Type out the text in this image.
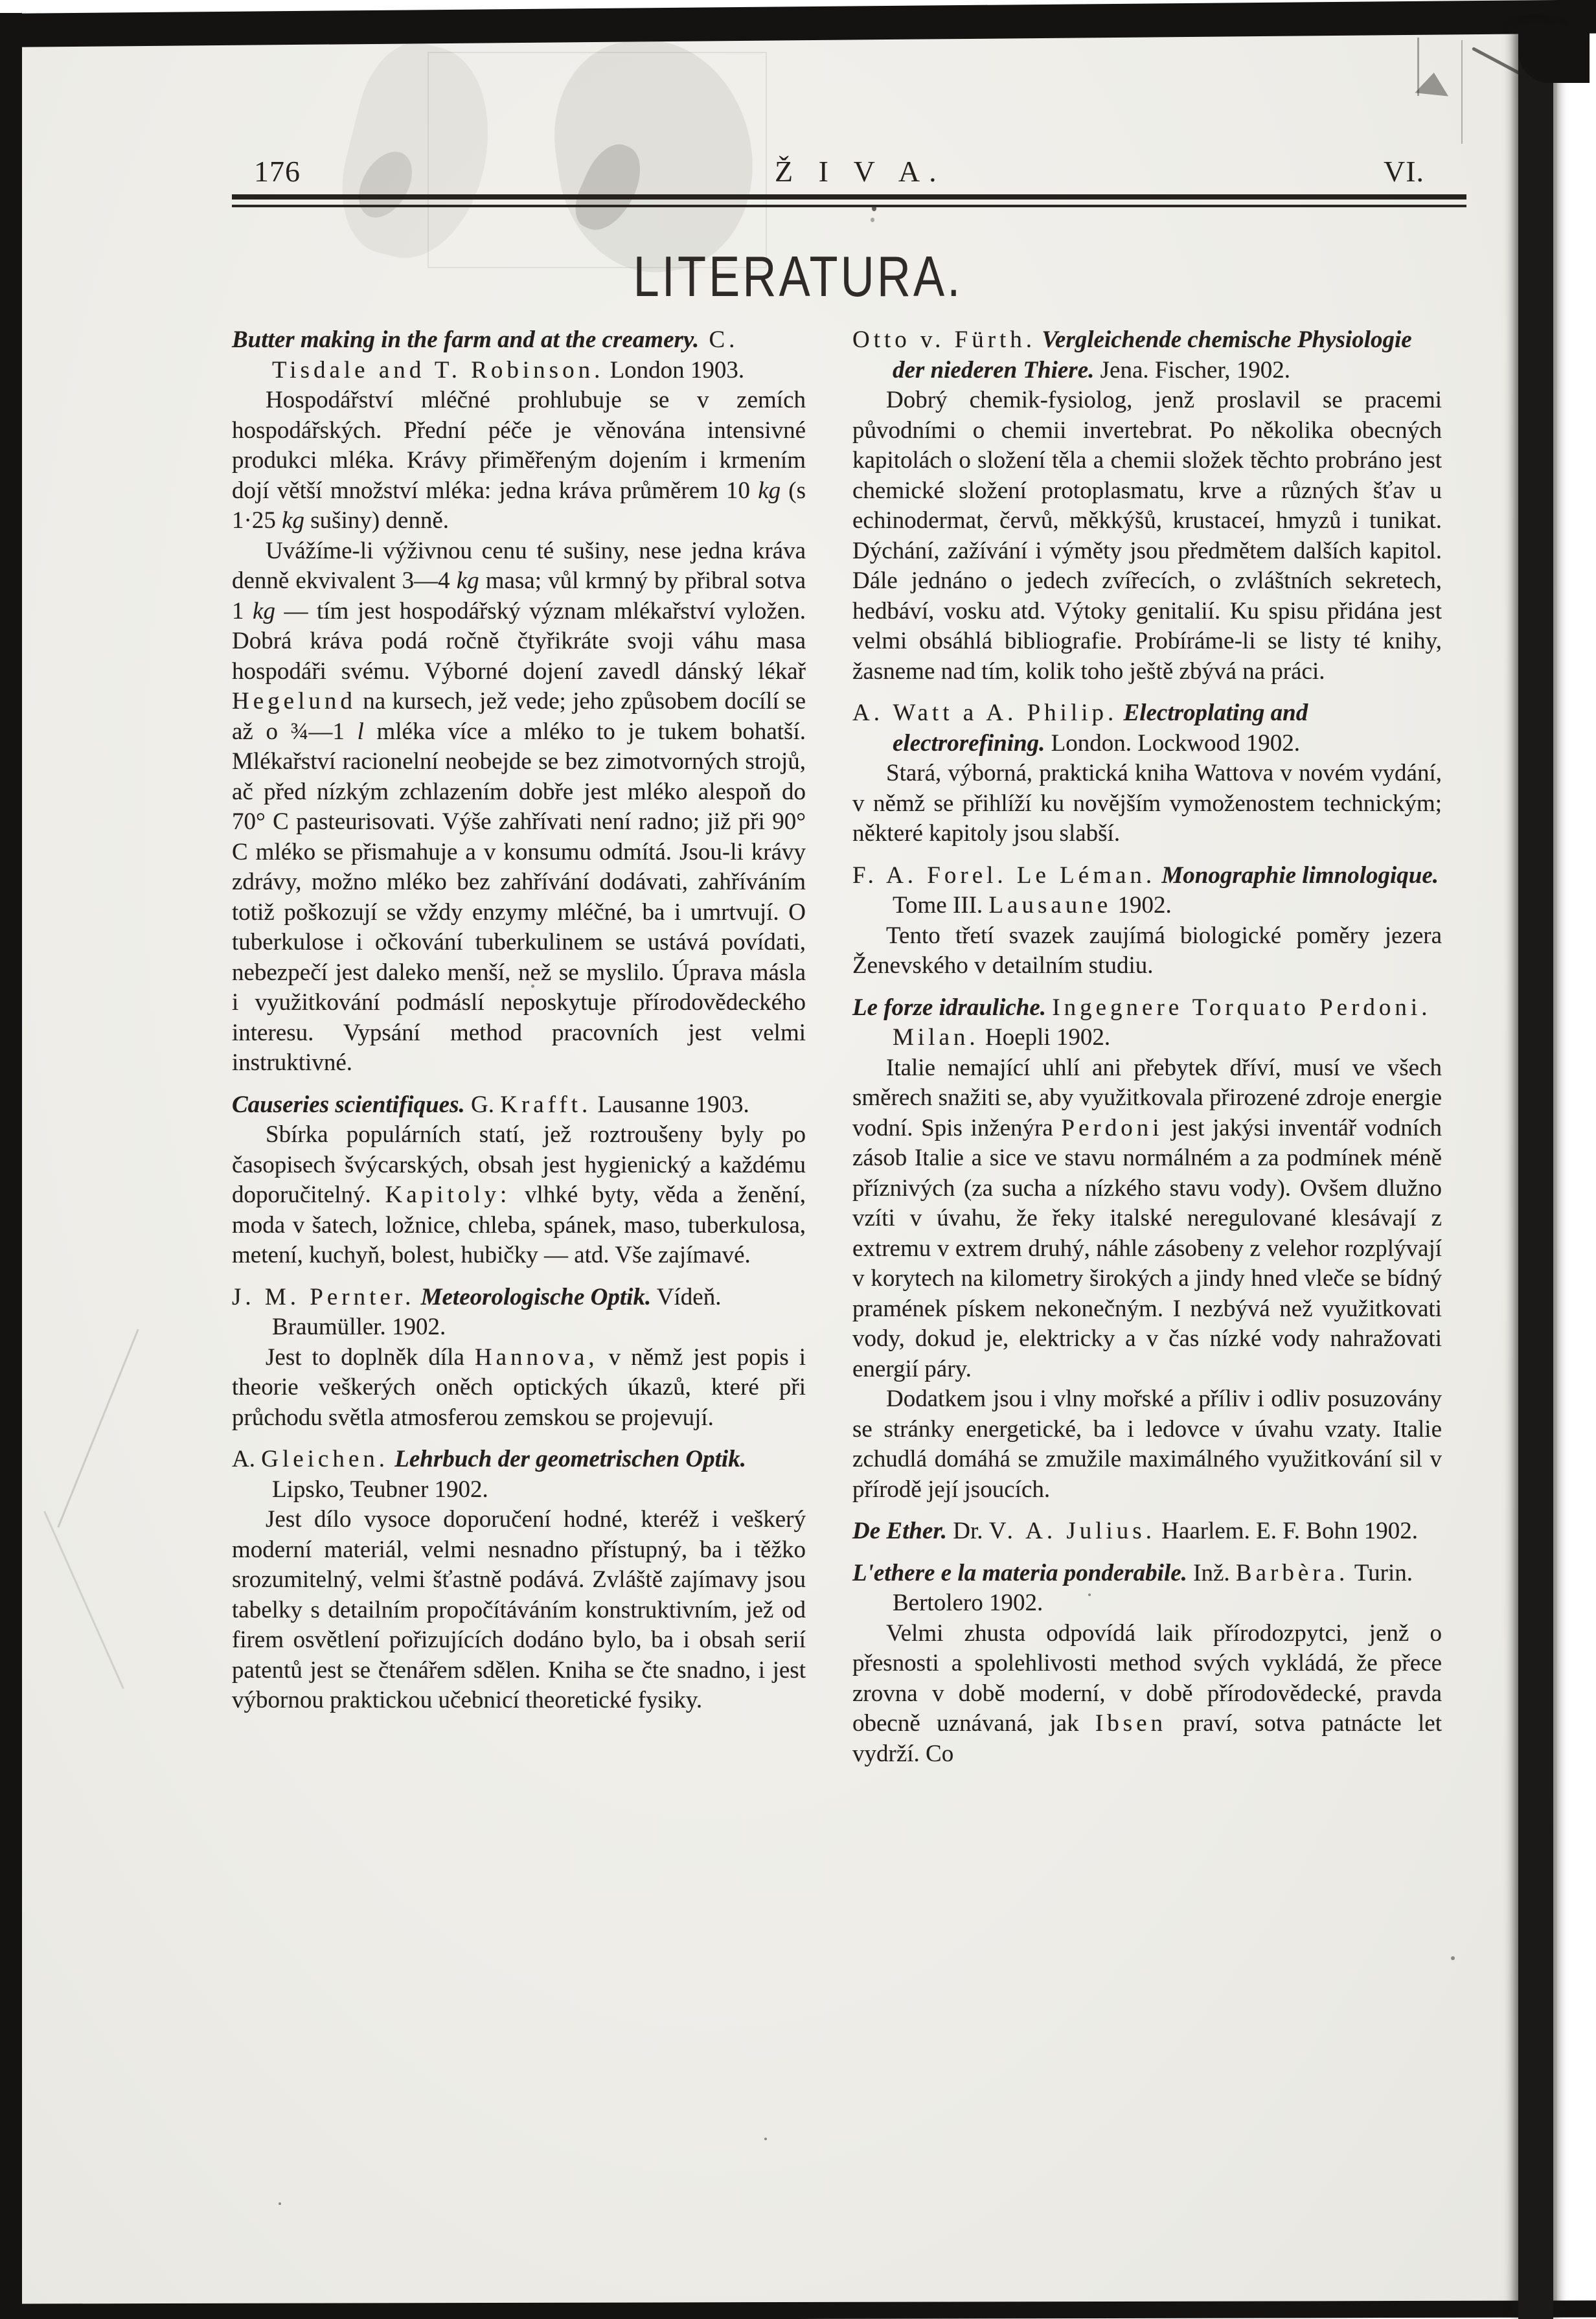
176	Ž I V A.	VI.
LITERATURA.
Butter making in the farm and at the creamery. C. Tisdale and T. Robinson. London 1903.
Hospodářství mléčné prohlubuje se v zemích hospodářských. Přední péče je věnována intensivné produkci mléka. Krávy přiměřeným dojením i krmením dojí větší množství mléka: jedna kráva průměrem 10 kg (s 1·25 kg sušiny) denně.
Uvážíme-li výživnou cenu té sušiny, nese jedna kráva denně ekvivalent 3—4 kg masa; vůl krmný by přibral sotva 1 kg — tím jest hospodářský význam mlékařství vyložen. Dobrá kráva podá ročně čtyřikráte svoji váhu masa hospodáři svému. Výborné dojení zavedl dánský lékař Hegelund na kursech, jež vede; jeho způsobem docílí se až o ¾—1 l mléka více a mléko to je tukem bohatší. Mlékařství racionelní neobejde se bez zimotvorných strojů, ač před nízkým zchlazením dobře jest mléko alespoň do 70° C pasteurisovati. Výše zahřívati není radno; již při 90° C mléko se přismahuje a v konsumu odmítá. Jsou-li krávy zdrávy, možno mléko bez zahřívání dodávati, zahříváním totiž poškozují se vždy enzymy mléčné, ba i umrtvují. O tuberkulose i očkování tuberkulinem se ustává povídati, nebezpečí jest daleko menší, než se myslilo. Úprava másla i využitkování podmáslí neposkytuje přírodovědeckého interesu. Vypsání method pracovních jest velmi instruktivné.
Causeries scientifiques. G. Krafft. Lausanne 1903.
Sbírka populárních statí, jež roztroušeny byly po časopisech švýcarských, obsah jest hygienický a každému doporučitelný. Kapitoly: vlhké byty, věda a ženění, moda v šatech, ložnice, chleba, spánek, maso, tuberkulosa, metení, kuchyň, bolest, hubičky — atd. Vše zajímavé.
J. M. Pernter. Meteorologische Optik. Vídeň. Braumüller. 1902.
Jest to doplněk díla Hannova, v němž jest popis i theorie veškerých oněch optických úkazů, které při průchodu světla atmosferou zemskou se projevují.
A. Gleichen. Lehrbuch der geometrischen Optik. Lipsko, Teubner 1902.
Jest dílo vysoce doporučení hodné, kteréž i veškerý moderní materiál, velmi nesnadno přístupný, ba i těžko srozumitelný, velmi šťastně podává. Zvláště zajímavy jsou tabelky s detailním propočítáváním konstruktivním, jež od firem osvětlení pořizujících dodáno bylo, ba i obsah serií patentů jest se čtenářem sdělen. Kniha se čte snadno, i jest výbornou praktickou učebnicí theoretické fysiky.
Otto v. Fürth. Vergleichende chemische Physiologie der niederen Thiere. Jena. Fischer, 1902.
Dobrý chemik-fysiolog, jenž proslavil se pracemi původními o chemii invertebrat. Po několika obecných kapitolách o složení těla a chemii složek těchto probráno jest chemické složení protoplasmatu, krve a různých šťav u echinodermat, červů, měkkýšů, krustaceí, hmyzů i tunikat. Dýchání, zažívání i výměty jsou předmětem dalších kapitol. Dále jednáno o jedech zvířecích, o zvláštních sekretech, hedbáví, vosku atd. Výtoky genitalií. Ku spisu přidána jest velmi obsáhlá bibliografie. Probíráme-li se listy té knihy, žasneme nad tím, kolik toho ještě zbývá na práci.
A. Watt a A. Philip. Electroplating and electrorefining. London. Lockwood 1902.
Stará, výborná, praktická kniha Wattova v novém vydání, v němž se přihlíží ku novějším vymoženostem technickým; některé kapitoly jsou slabší.
F. A. Forel. Le Léman. Monographie limnologique. Tome III. Lausaune 1902.
Tento třetí svazek zaujímá biologické poměry jezera Ženevského v detailním studiu.
Le forze idrauliche. Ingegnere Torquato Perdoni. Milan. Hoepli 1902.
Italie nemající uhlí ani přebytek dříví, musí ve všech směrech snažiti se, aby využitkovala přirozené zdroje energie vodní. Spis inženýra Perdoni jest jakýsi inventář vodních zásob Italie a sice ve stavu normálném a za podmínek méně příznivých (za sucha a nízkého stavu vody). Ovšem dlužno vzíti v úvahu, že řeky italské neregulované klesávají z extremu v extrem druhý, náhle zásobeny z velehor rozplývají v korytech na kilometry širokých a jindy hned vleče se bídný pramének pískem nekonečným. I nezbývá než využitkovati vody, dokud je, elektricky a v čas nízké vody nahražovati energií páry.
Dodatkem jsou i vlny mořské a příliv i odliv posuzovány se stránky energetické, ba i ledovce v úvahu vzaty. Italie zchudlá domáhá se zmužile maximálného využitkování sil v přírodě její jsoucích.
De Ether. Dr. V. A. Julius. Haarlem. E. F. Bohn 1902.
L'ethere e la materia ponderabile. Inž. Barbèra. Turin. Bertolero 1902.
Velmi zhusta odpovídá laik přírodozpytci, jenž o přesnosti a spolehlivosti method svých vykládá, že přece zrovna v době moderní, v době přírodovědecké, pravda obecně uznávaná, jak Ibsen praví, sotva patnácte let vydrží. Co
